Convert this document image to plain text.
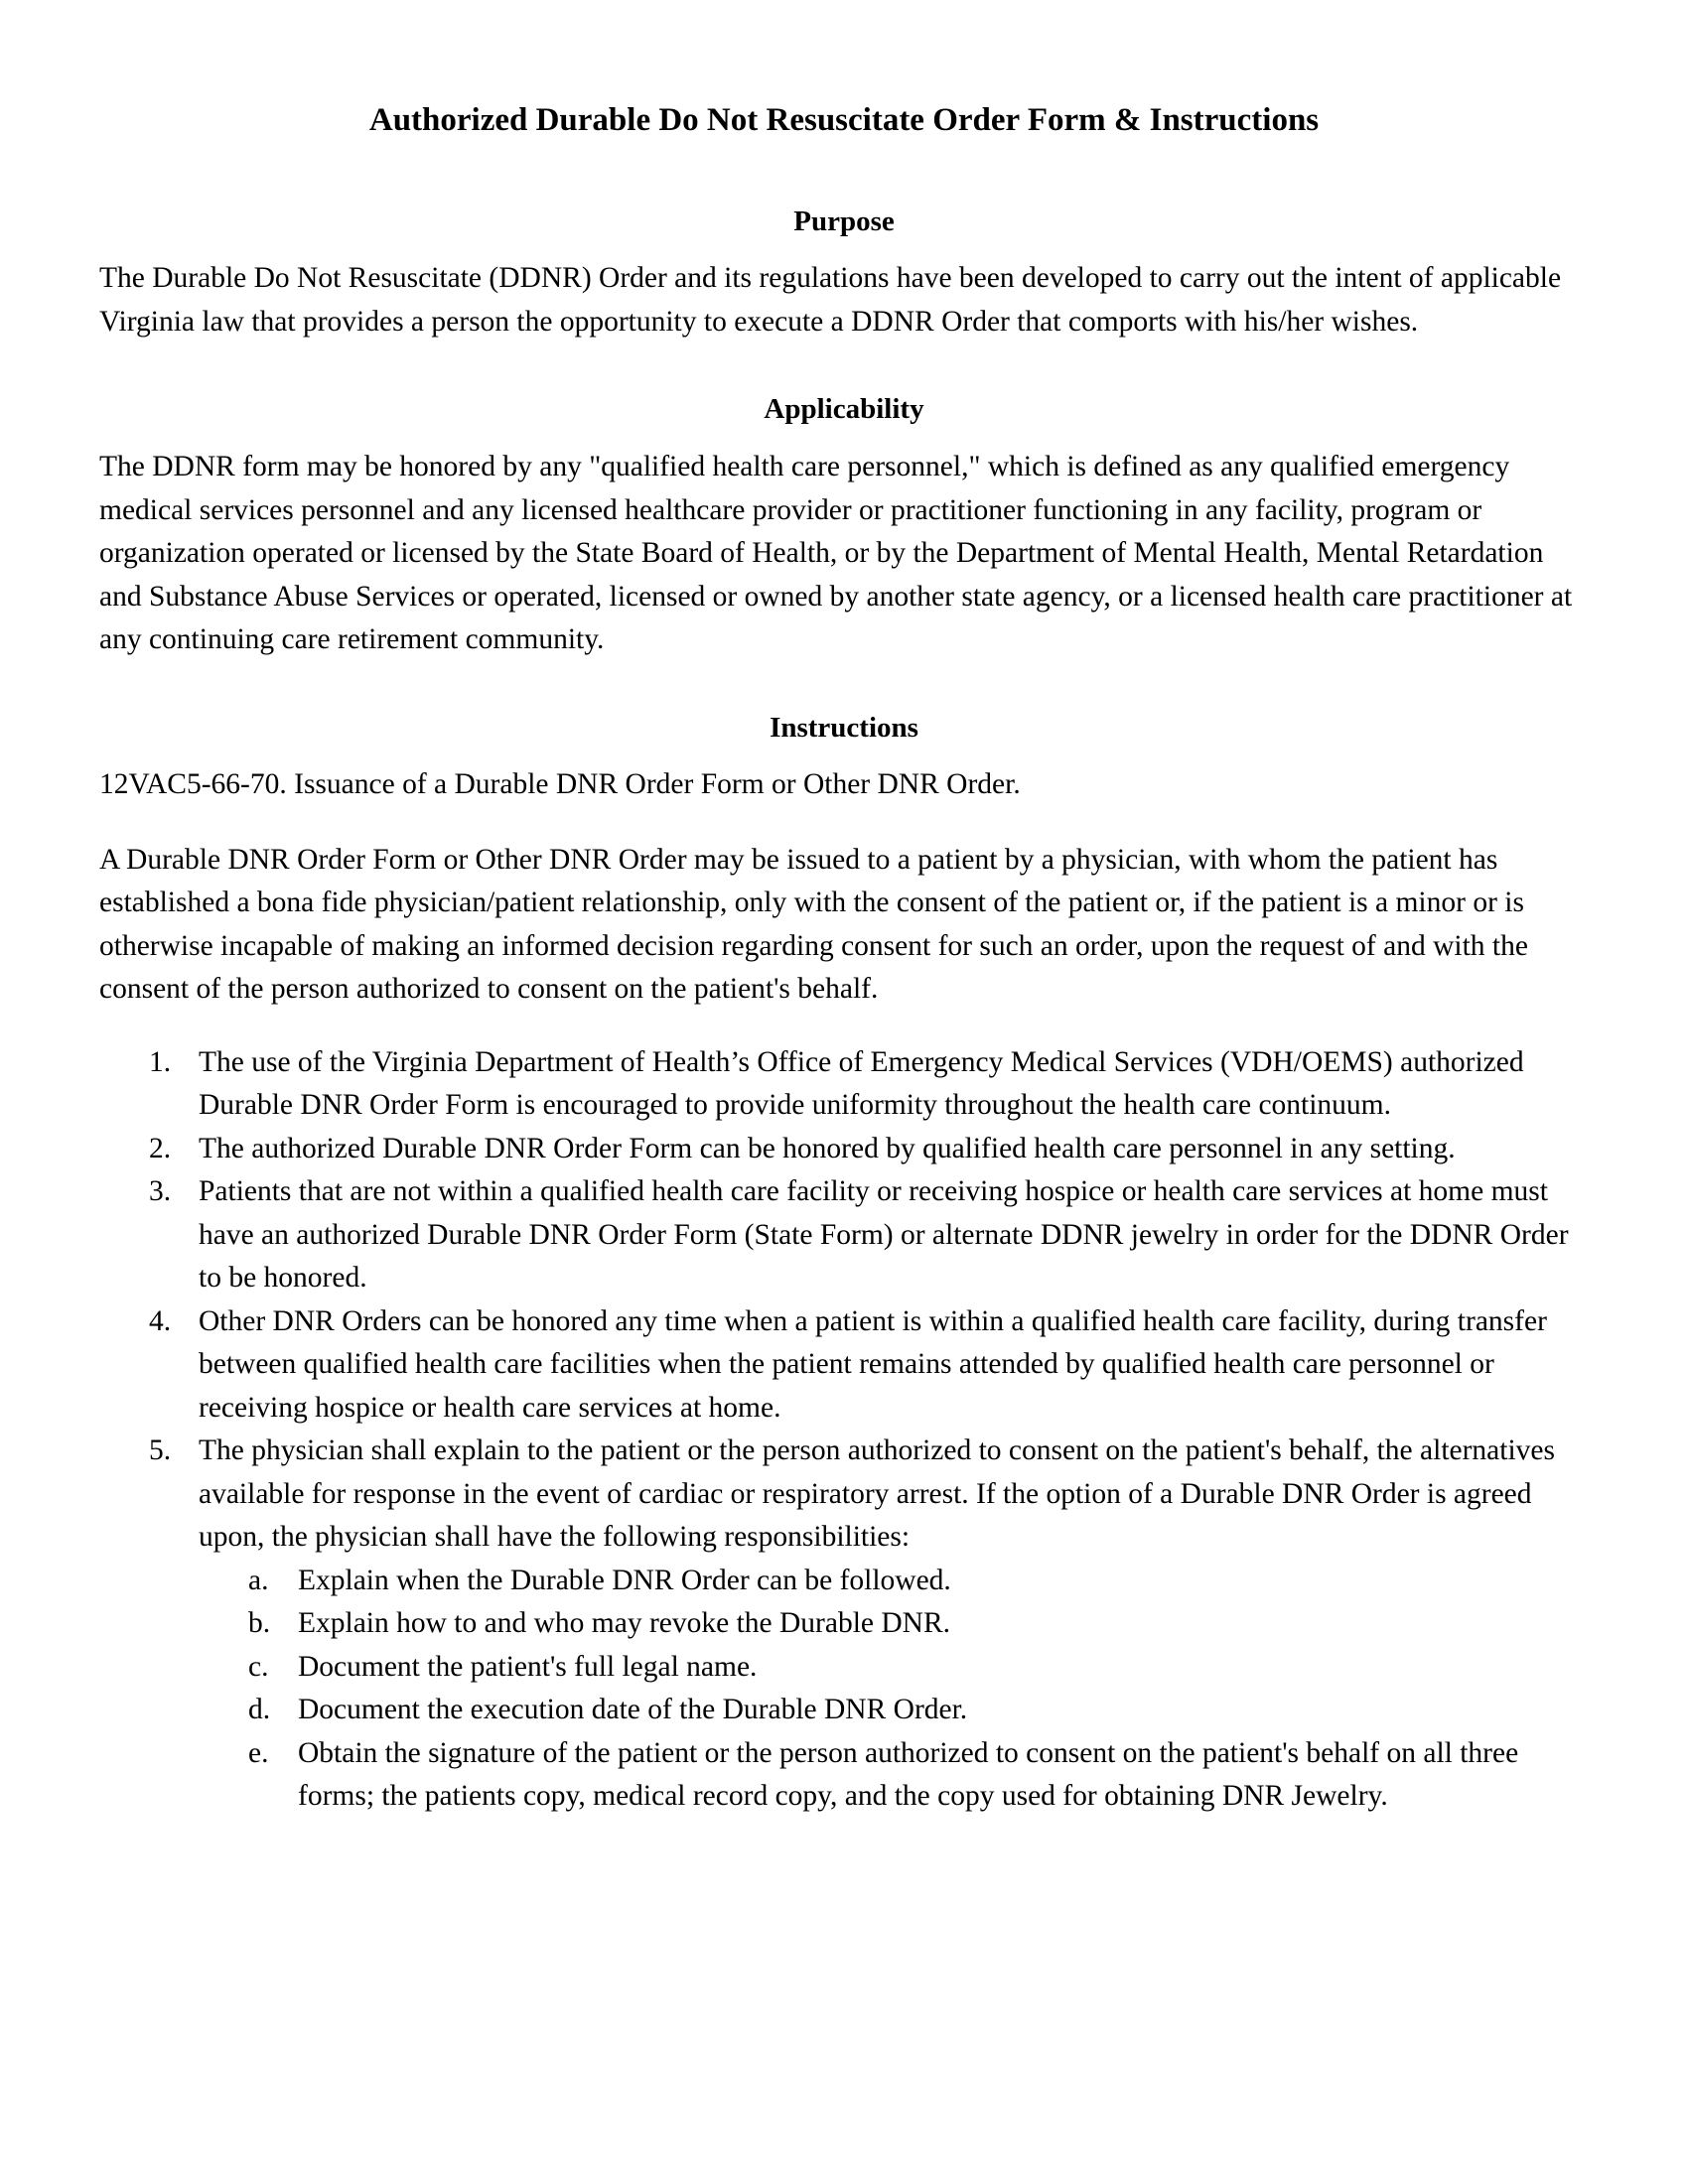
Authorized Durable Do Not Resuscitate Order Form & Instructions
Purpose

The Durable Do Not Resuscitate (DDNR) Order and its regulations have been developed to carry out the intent of applicable Virginia law that provides a person the opportunity to execute a DDNR Order that comports with his/her wishes.

Applicability

The DDNR form may be honored by any "qualified health care personnel," which is defined as any qualified emergency medical services personnel and any licensed healthcare provider or practitioner functioning in any facility, program or organization operated or licensed by the State Board of Health, or by the Department of Mental Health, Mental Retardation and Substance Abuse Services or operated, licensed or owned by another state agency, or a licensed health care practitioner at any continuing care retirement community.

Instructions

12VAC5-66-70. Issuance of a Durable DNR Order Form or Other DNR Order.

A Durable DNR Order Form or Other DNR Order may be issued to a patient by a physician, with whom the patient has established a bona fide physician/patient relationship, only with the consent of the patient or, if the patient is a minor or is otherwise incapable of making an informed decision regarding consent for such an order, upon the request of and with the consent of the person authorized to consent on the patient's behalf.

1. The use of the Virginia Department of Health’s Office of Emergency Medical Services (VDH/OEMS) authorized Durable DNR Order Form is encouraged to provide uniformity throughout the health care continuum.
2. The authorized Durable DNR Order Form can be honored by qualified health care personnel in any setting.
3. Patients that are not within a qualified health care facility or receiving hospice or health care services at home must have an authorized Durable DNR Order Form (State Form) or alternate DDNR jewelry in order for the DDNR Order to be honored.
4. Other DNR Orders can be honored any time when a patient is within a qualified health care facility, during transfer between qualified health care facilities when the patient remains attended by qualified health care personnel or receiving hospice or health care services at home.
5. The physician shall explain to the patient or the person authorized to consent on the patient's behalf, the alternatives available for response in the event of cardiac or respiratory arrest. If the option of a Durable DNR Order is agreed upon, the physician shall have the following responsibilities:
a.	Explain when the Durable DNR Order can be followed.
b. Explain how to and who may revoke the Durable DNR.
c.	Document the patient's full legal name.
d. Document the execution date of the Durable DNR Order.
e.	Obtain the signature of the patient or the person authorized to consent on the patient's behalf on all three forms; the patients copy, medical record copy, and the copy used for obtaining DNR Jewelry.
